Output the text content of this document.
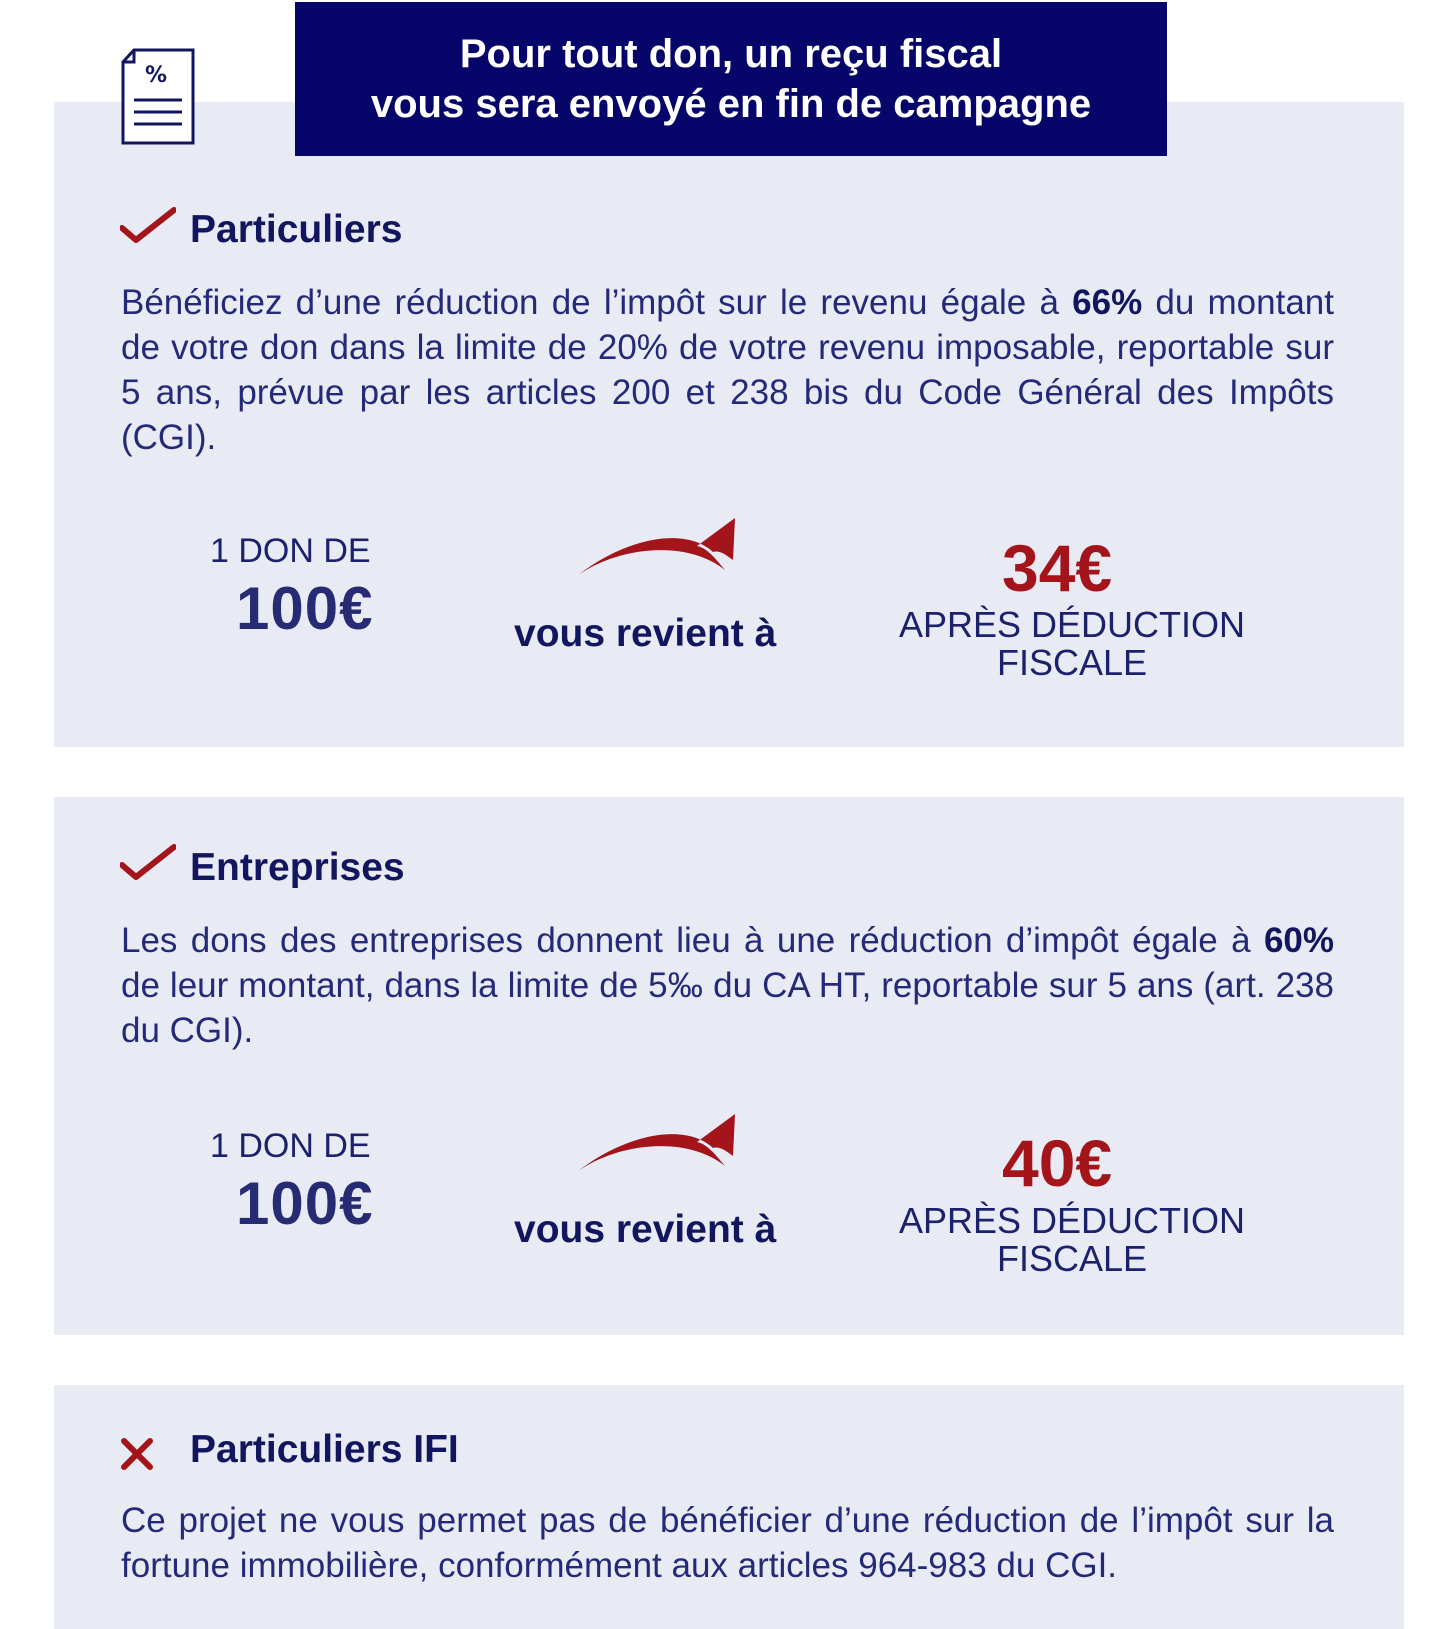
%	Pour tout don, un reçu fiscal
vous sera envoyé en fin de campagne
Particuliers
Bénéficiez d’une réduction de l’impôt sur le revenu égale à 66% du montant de votre don dans la limite de 20% de votre revenu imposable, reportable sur 5 ans, prévue par les articles 200 et 238 bis du Code Général des Impôts (CGI).
1 DON DE
100€	vous revient à
34€
APRÈS DÉDUCTION
FISCALE
Entreprises
Les dons des entreprises donnent lieu à une réduction d’impôt égale à 60% de leur montant, dans la limite de 5‰ du CA HT, reportable sur 5 ans (art. 238 du CGI).
1 DON DE
100€	vous revient à
40€
APRÈS DÉDUCTION
FISCALE
Particuliers IFI
Ce projet ne vous permet pas de bénéficier d’une réduction de l’impôt sur la fortune immobilière, conformément aux articles 964-983 du CGI.
